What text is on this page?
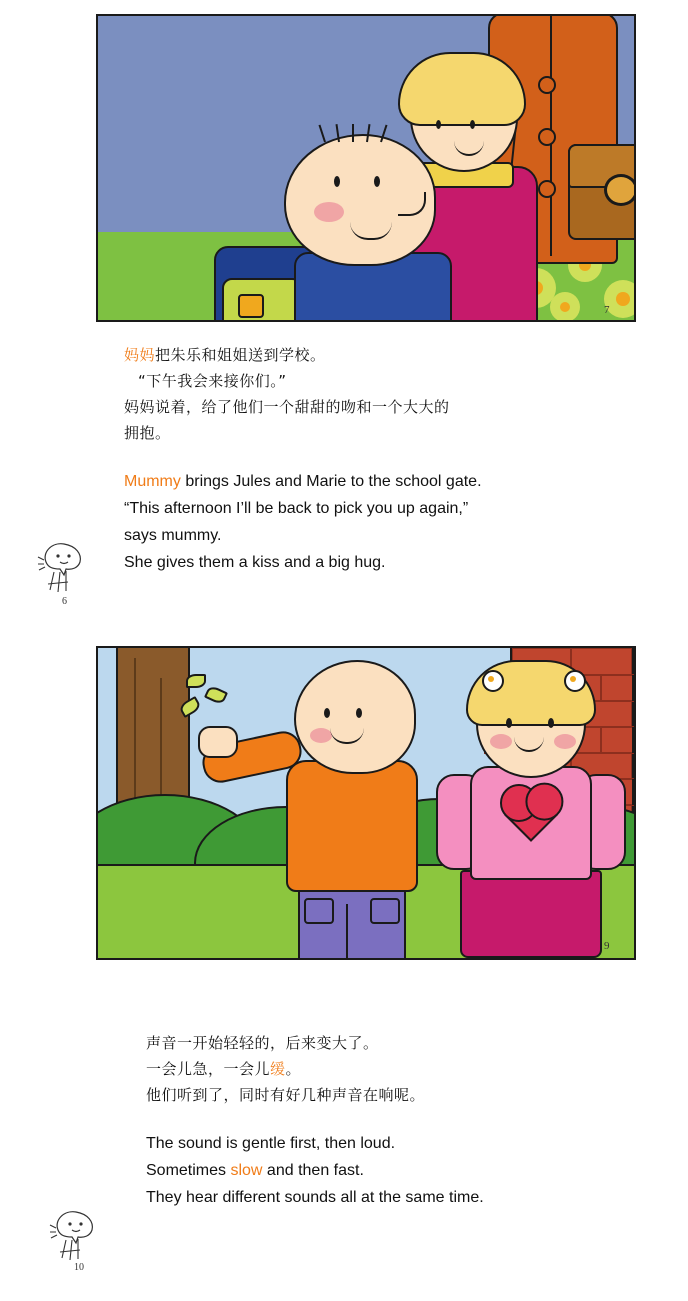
7
妈妈把朱乐和姐姐送到学校。
“下午我会来接你们。”
妈妈说着，给了他们一个甜甜的吻和一个大大的
拥抱。
Mummy brings Jules and Marie to the school gate.
“This afternoon I’ll be back to pick you up again,”
says mummy.
She gives them a kiss and a big hug.
6
9
声音一开始轻轻的，后来变大了。
一会儿急，一会儿缓。
他们听到了，同时有好几种声音在响呢。
The sound is gentle first, then loud.
Sometimes slow and then fast.
They hear different sounds all at the same time.
10
